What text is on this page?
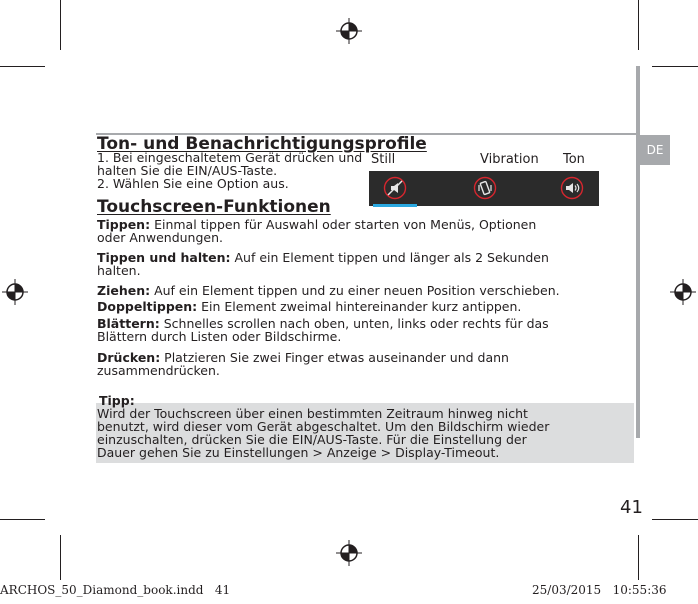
DE
Ton- und Benachrichtigungsprofile
1. Bei eingeschaltetem Gerät drücken und
halten Sie die EIN/AUS-Taste.
2. Wählen Sie eine Option aus.
Still	Vibration Ton
Touchscreen-Funktionen
Tippen: Einmal tippen für Auswahl oder starten von Menüs, Optionen
oder Anwendungen.
Tippen und halten: Auf ein Element tippen und länger als 2 Sekunden
halten.
Ziehen: Auf ein Element tippen und zu einer neuen Position verschieben.
Doppeltippen: Ein Element zweimal hintereinander kurz antippen.
Blättern: Schnelles scrollen nach oben, unten, links oder rechts für das
Blättern durch Listen oder Bildschirme.
Drücken: Platzieren Sie zwei Finger etwas auseinander und dann
zusammendrücken.
Tipp:
Wird der Touchscreen über einen bestimmten Zeitraum hinweg nicht
benutzt, wird dieser vom Gerät abgeschaltet. Um den Bildschirm wieder
einzuschalten, drücken Sie die EIN/AUS-Taste. Für die Einstellung der
Dauer gehen Sie zu Einstellungen > Anzeige > Display-Timeout.
41
ARCHOS_50_Diamond_book.indd   41	25/03/2015   10:55:36
